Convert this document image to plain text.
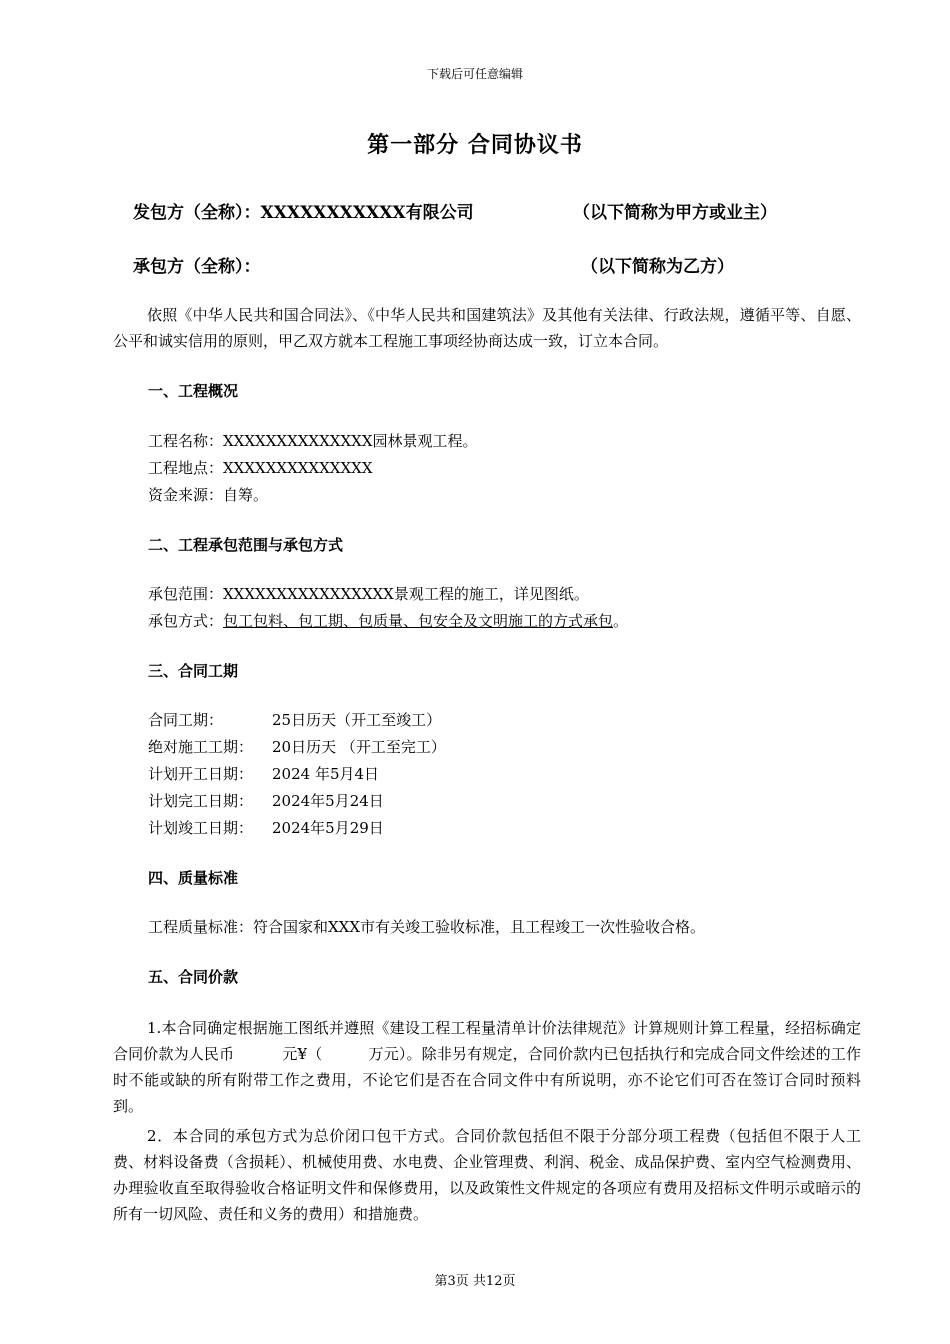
下载后可任意编辑
第一部分 合同协议书
发包方（全称）：XXXXXXXXXXX有限公司	（以下简称为甲方或业主）
承包方（全称）：	（以下简称为乙方）
依照《中华人民共和国合同法》、《中华人民共和国建筑法》及其他有关法律、行政法规，遵循平等、自愿、公平和诚实信用的原则，甲乙双方就本工程施工事项经协商达成一致，订立本合同。
一、工程概况
工程名称：XXXXXXXXXXXXXX园林景观工程。
工程地点：XXXXXXXXXXXXXX
资金来源：自筹。
二、工程承包范围与承包方式
承包范围：XXXXXXXXXXXXXXXX景观工程的施工，详见图纸。
承包方式：包工包料、包工期、包质量、包安全及文明施工的方式承包。
三、合同工期
合同工期：	25日历天（开工至竣工）
绝对施工工期： 20日历天 （开工至完工）
计划开工日期： 2024 年5月4日
计划完工日期： 2024年5月24日
计划竣工日期： 2024年5月29日
四、质量标准
工程质量标准：符合国家和XXX市有关竣工验收标准，且工程竣工一次性验收合格。
五、合同价款
1.本合同确定根据施工图纸并遵照《建设工程工程量清单计价法律规范》计算规则计算工程量，经招标确定合同价款为人民币	元¥（	万元）。除非另有规定，合同价款内已包括执行和完成合同文件绘述的工作时不能或缺的所有附带工作之费用，不论它们是否在合同文件中有所说明，亦不论它们可否在签订合同时预料到。
2．本合同的承包方式为总价闭口包干方式。合同价款包括但不限于分部分项工程费（包括但不限于人工费、材料设备费（含损耗）、机械使用费、水电费、企业管理费、利润、税金、成品保护费、室内空气检测费用、办理验收直至取得验收合格证明文件和保修费用，以及政策性文件规定的各项应有费用及招标文件明示或暗示的所有一切风险、责任和义务的费用）和措施费。
第3页 共12页
